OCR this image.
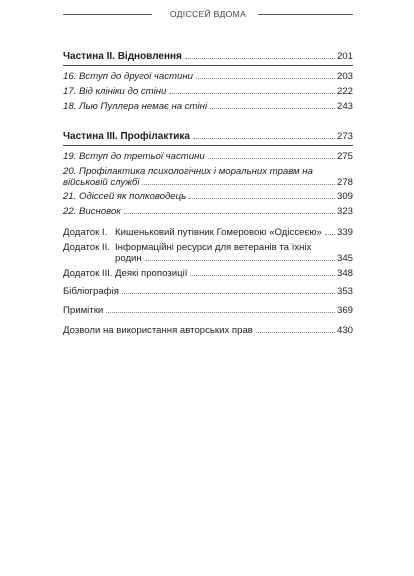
ОДІССЕЙ ВДОМА
Частина II. Відновлення	201
16. Вступ до другої частини	203
17. Від клініки до стіни	222
18. Лью Пуллера немає на стіні	243
Частина III. Профілактика	273
19. Вступ до третьої частини	275
20. Профілактика психологічних і моральних травм на
військовій службі	278
21. Одіссей як полководець	309
22. Висновок	323
Додаток I. Кишеньковий путівник Гомеровою «Одіссеєю» 339
Додаток II. Інформаційні ресурси для ветеранів та їхніх
родин	345
Додаток III. Деякі пропозиції	348
Бібліографія	353
Примітки	369
Дозволи на використання авторських прав	430
